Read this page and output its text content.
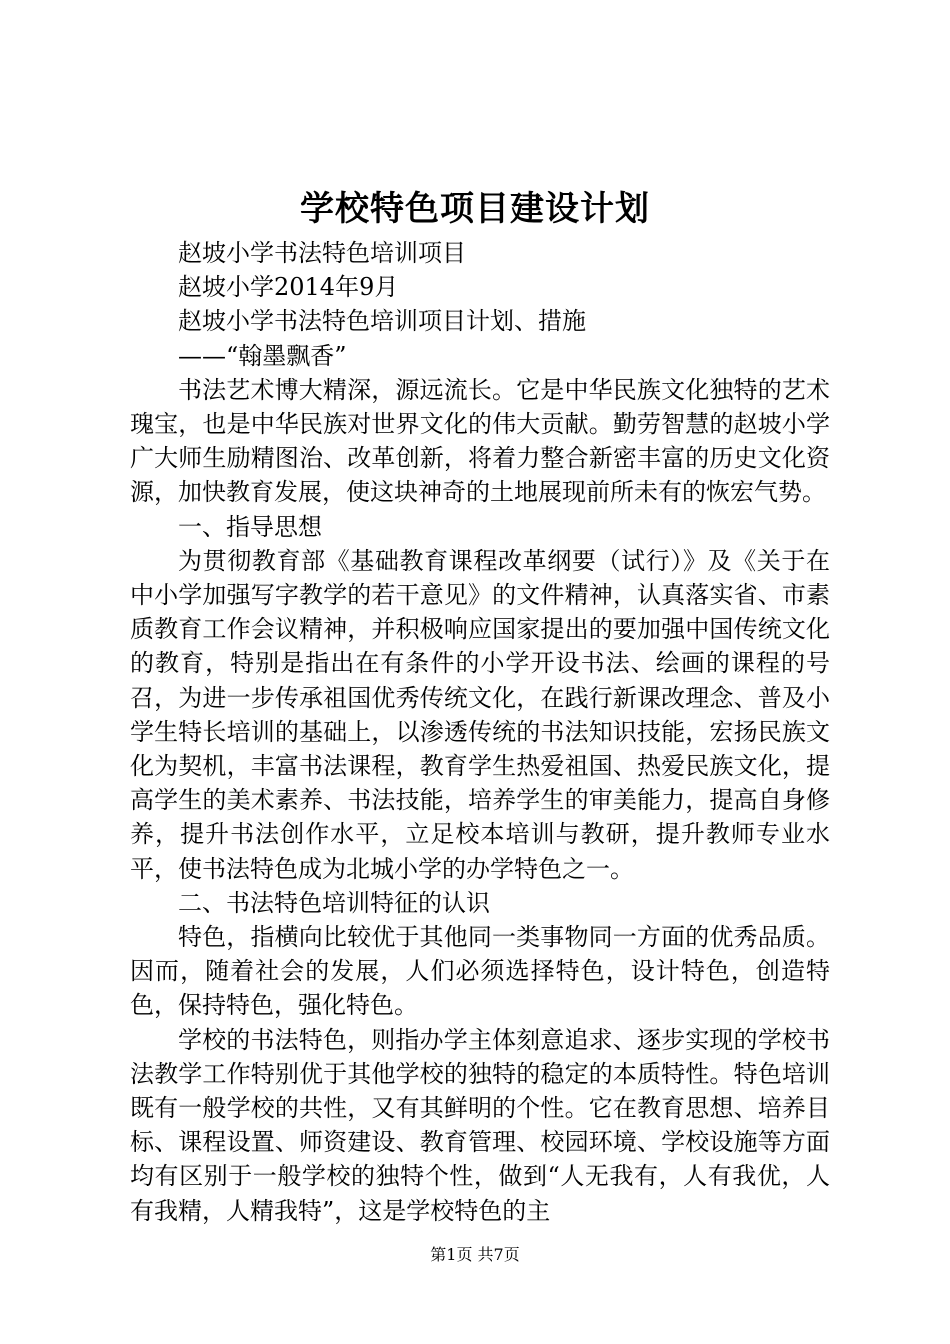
学校特色项目建设计划

赵坡小学书法特色培训项目

赵坡小学2014年9月

赵坡小学书法特色培训项目计划、措施

——“翰墨飘香”

书法艺术博大精深，源远流长。它是中华民族文化独特的艺术瑰宝，也是中华民族对世界文化的伟大贡献。勤劳智慧的赵坡小学广大师生励精图治、改革创新，将着力整合新密丰富的历史文化资源，加快教育发展，使这块神奇的土地展现前所未有的恢宏气势。

一、指导思想

为贯彻教育部《基础教育课程改革纲要（试行）》及《关于在中小学加强写字教学的若干意见》的文件精神，认真落实省、市素质教育工作会议精神，并积极响应国家提出的要加强中国传统文化的教育，特别是指出在有条件的小学开设书法、绘画的课程的号召，为进一步传承祖国优秀传统文化，在践行新课改理念、普及小学生特长培训的基础上，以渗透传统的书法知识技能，宏扬民族文化为契机，丰富书法课程，教育学生热爱祖国、热爱民族文化，提高学生的美术素养、书法技能，培养学生的审美能力，提高自身修养，提升书法创作水平，立足校本培训与教研，提升教师专业水平，使书法特色成为北城小学的办学特色之一。

二、书法特色培训特征的认识

特色，指横向比较优于其他同一类事物同一方面的优秀品质。因而，随着社会的发展，人们必须选择特色，设计特色，创造特色，保持特色，强化特色。

学校的书法特色，则指办学主体刻意追求、逐步实现的学校书法教学工作特别优于其他学校的独特的稳定的本质特性。特色培训既有一般学校的共性，又有其鲜明的个性。它在教育思想、培养目标、课程设置、师资建设、教育管理、校园环境、学校设施等方面均有区别于一般学校的独特个性，做到“人无我有，人有我优，人有我精，人精我特”，这是学校特色的主

第1页 共7页
